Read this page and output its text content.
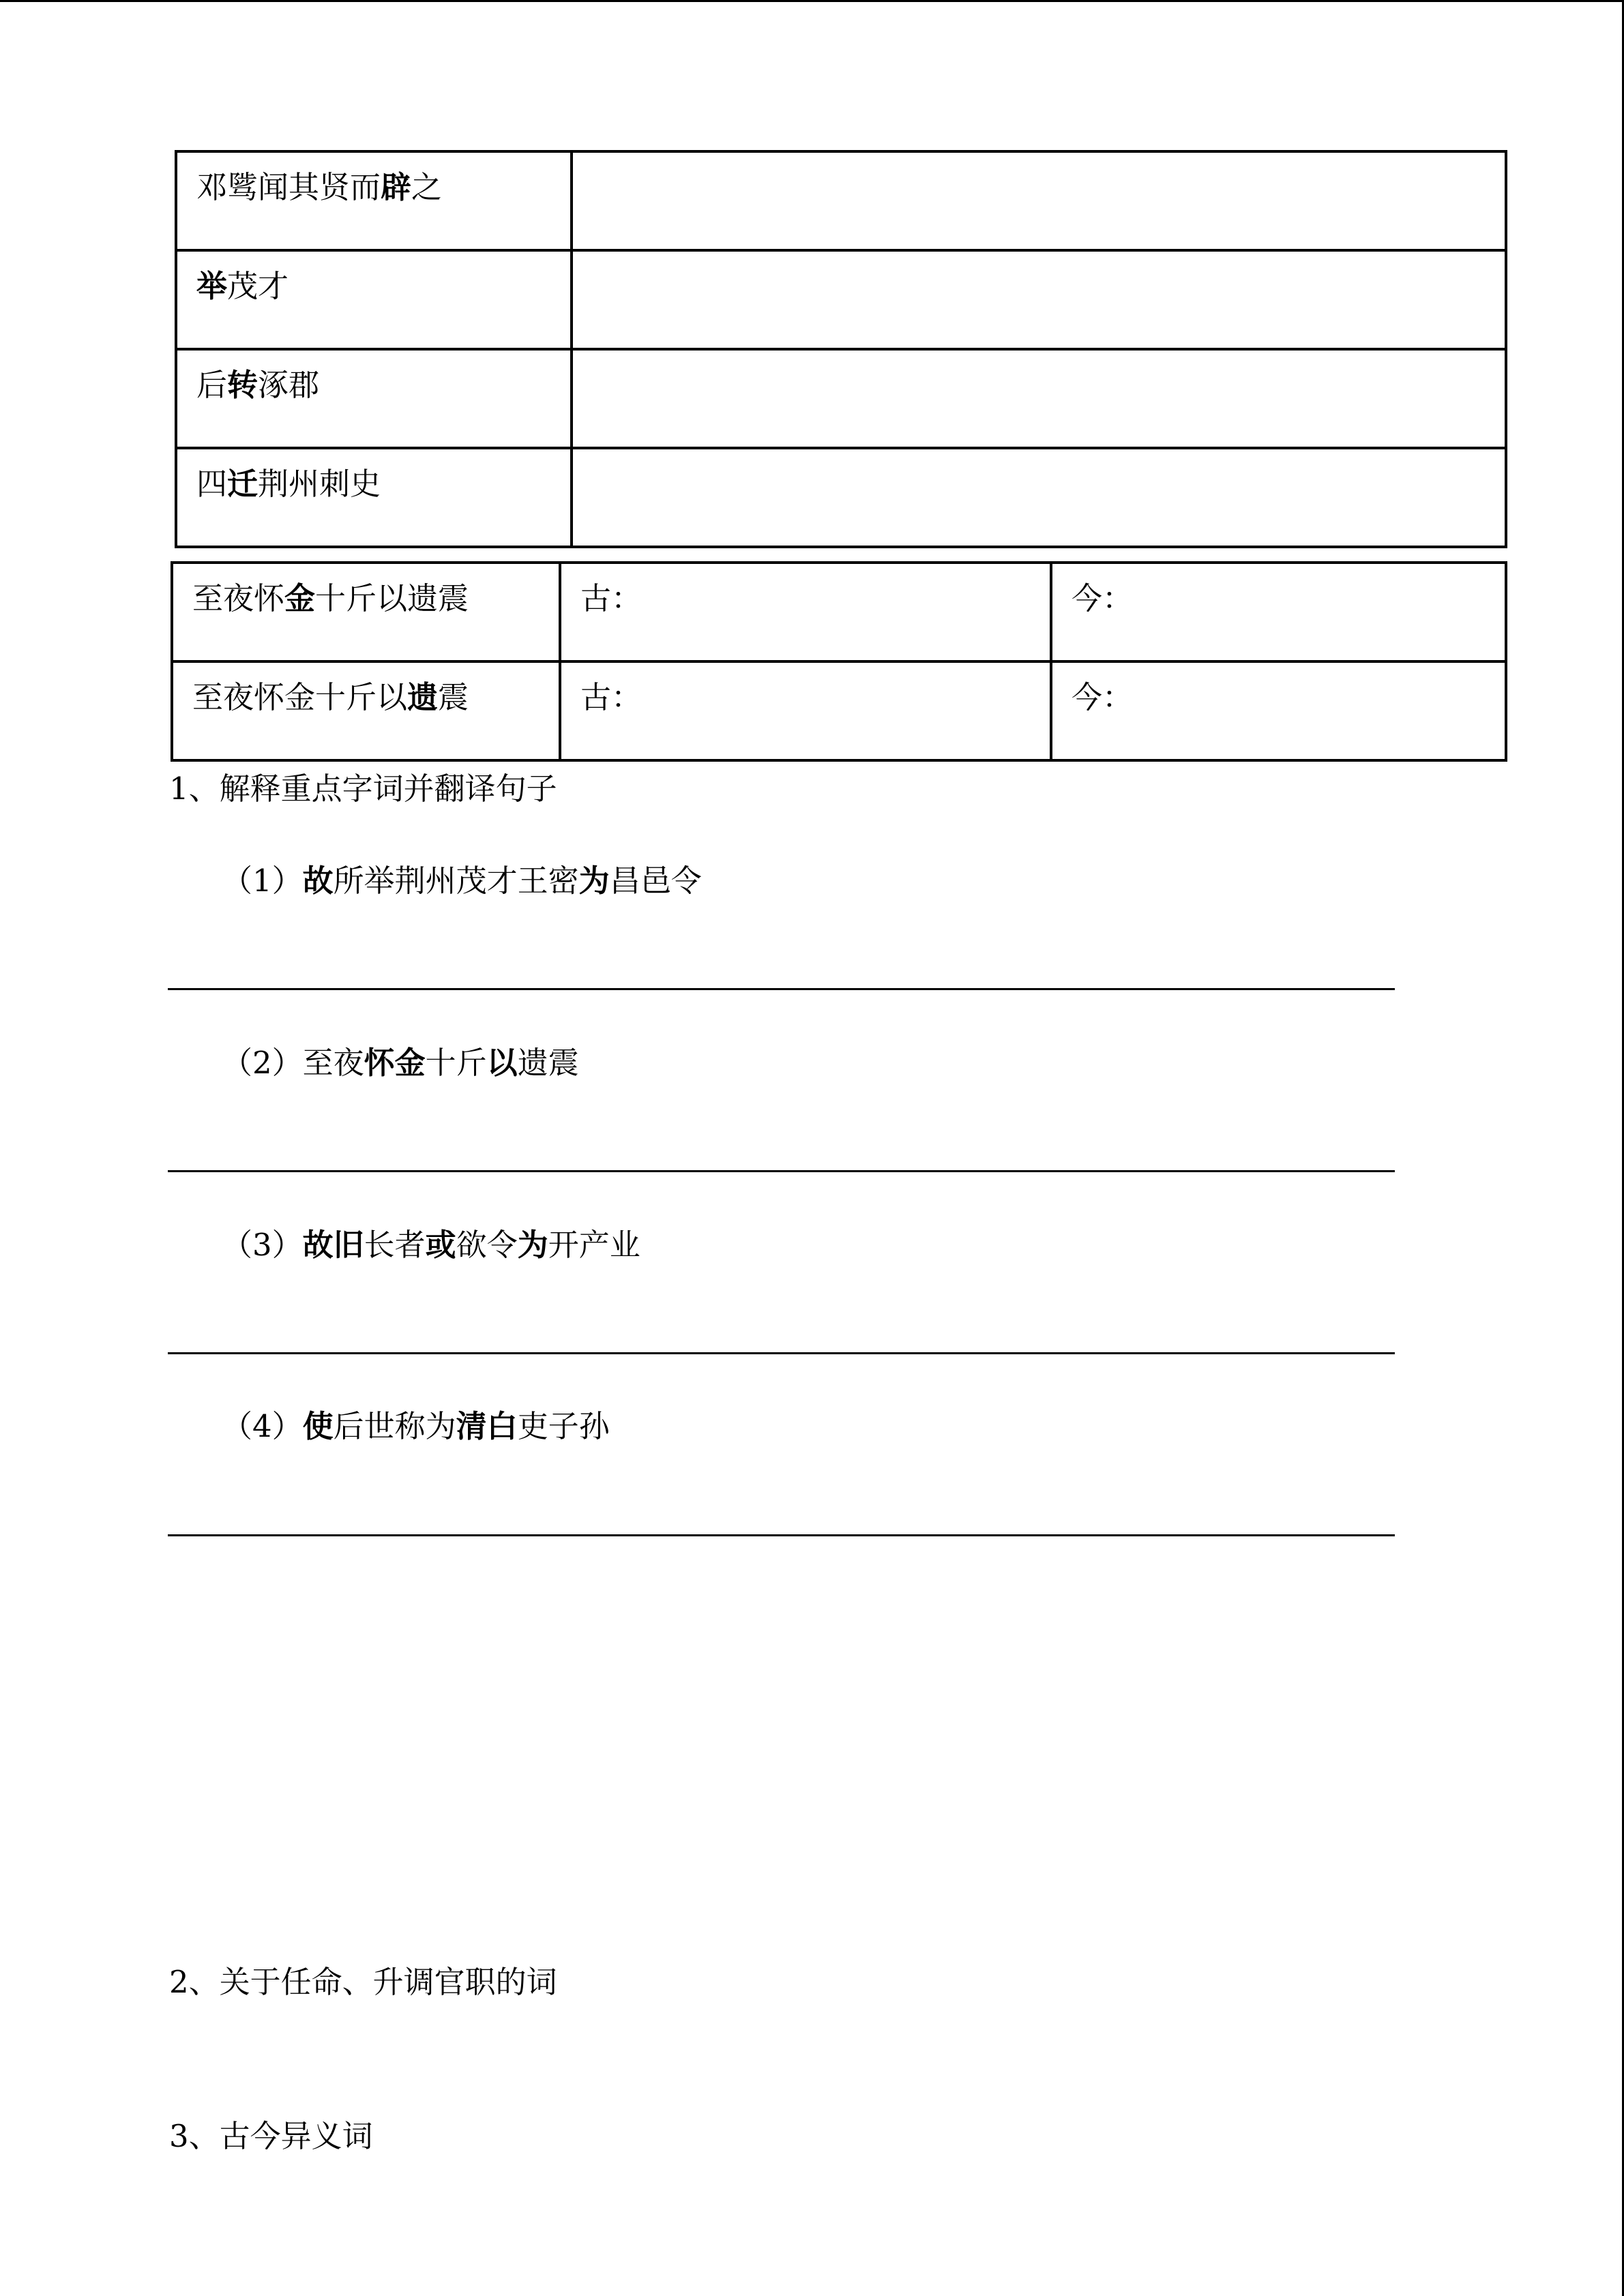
邓骘闻其贤而辟之	
举茂才	
后转涿郡	
四迁荆州刺史	
至夜怀金十斤以遗震	古：	今：
至夜怀金十斤以遗震	古：	今：
1、解释重点字词并翻译句子
（1）故所举荆州茂才王密为昌邑令
（2）至夜怀金十斤以遗震
（3）故旧长者或欲令为开产业
（4）使后世称为清白吏子孙
2、关于任命、升调官职的词
3、古今异义词
